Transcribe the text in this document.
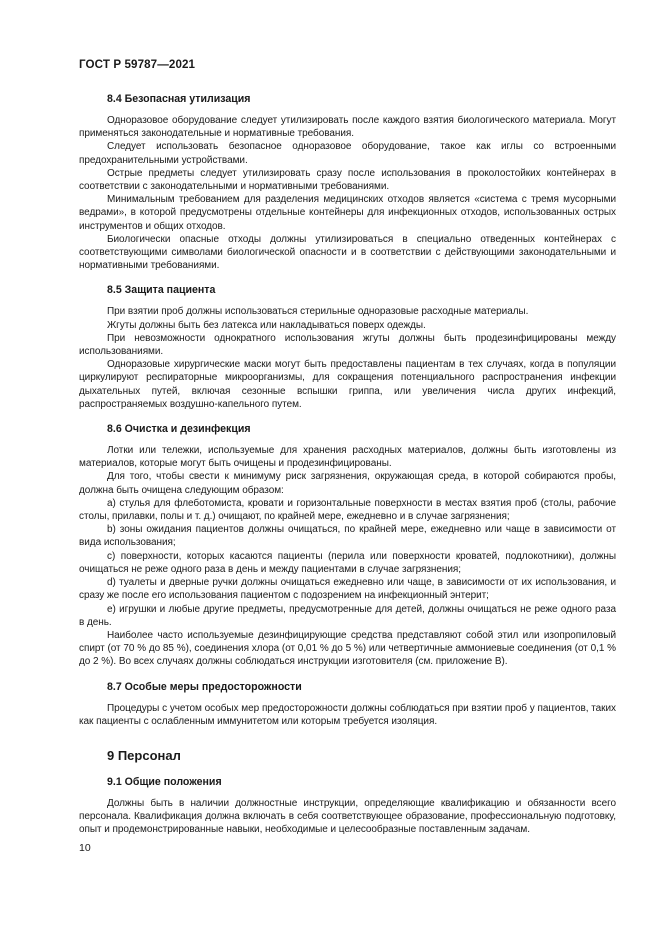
ГОСТ Р 59787—2021
8.4 Безопасная утилизация

Одноразовое оборудование следует утилизировать после каждого взятия биологического материала. Могут применяться законодательные и нормативные требования.

Следует использовать безопасное одноразовое оборудование, такое как иглы со встроенными предохранительными устройствами.

Острые предметы следует утилизировать сразу после использования в проколостойких контейнерах в соответствии с законодательными и нормативными требованиями.

Минимальным требованием для разделения медицинских отходов является «система с тремя мусорными ведрами», в которой предусмотрены отдельные контейнеры для инфекционных отходов, использованных острых инструментов и общих отходов.

Биологически опасные отходы должны утилизироваться в специально отведенных контейнерах с соответствующими символами биологической опасности и в соответствии с действующими законодательными и нормативными требованиями.

8.5 Защита пациента

При взятии проб должны использоваться стерильные одноразовые расходные материалы.

Жгуты должны быть без латекса или накладываться поверх одежды.

При невозможности однократного использования жгуты должны быть продезинфицированы между использованиями.

Одноразовые хирургические маски могут быть предоставлены пациентам в тех случаях, когда в популяции циркулируют респираторные микроорганизмы, для сокращения потенциального распространения инфекции дыхательных путей, включая сезонные вспышки гриппа, или увеличения числа других инфекций, распространяемых воздушно-капельного путем.

8.6 Очистка и дезинфекция

Лотки или тележки, используемые для хранения расходных материалов, должны быть изготовлены из материалов, которые могут быть очищены и продезинфицированы.

Для того, чтобы свести к минимуму риск загрязнения, окружающая среда, в которой собираются пробы, должна быть очищена следующим образом:

a) стулья для флеботомиста, кровати и горизонтальные поверхности в местах взятия проб (столы, рабочие столы, прилавки, полы и т. д.) очищают, по крайней мере, ежедневно и в случае загрязнения;

b) зоны ожидания пациентов должны очищаться, по крайней мере, ежедневно или чаще в зависимости от вида использования;

c) поверхности, которых касаются пациенты (перила или поверхности кроватей, подлокотники), должны очищаться не реже одного раза в день и между пациентами в случае загрязнения;

d) туалеты и дверные ручки должны очищаться ежедневно или чаще, в зависимости от их использования, и сразу же после его использования пациентом с подозрением на инфекционный энтерит;

e) игрушки и любые другие предметы, предусмотренные для детей, должны очищаться не реже одного раза в день.

Наиболее часто используемые дезинфицирующие средства представляют собой этил или изопропиловый спирт (от 70 % до 85 %), соединения хлора (от 0,01 % до 5 %) или четвертичные аммониевые соединения (от 0,1 % до 2 %). Во всех случаях должны соблюдаться инструкции изготовителя (см. приложение В).

8.7 Особые меры предосторожности

Процедуры с учетом особых мер предосторожности должны соблюдаться при взятии проб у пациентов, таких как пациенты с ослабленным иммунитетом или которым требуется изоляция.

9 Персонал
9.1 Общие положения

Должны быть в наличии должностные инструкции, определяющие квалификацию и обязанности всего персонала. Квалификация должна включать в себя соответствующее образование, профессиональную подготовку, опыт и продемонстрированные навыки, необходимые и целесообразные поставленным задачам.

10
